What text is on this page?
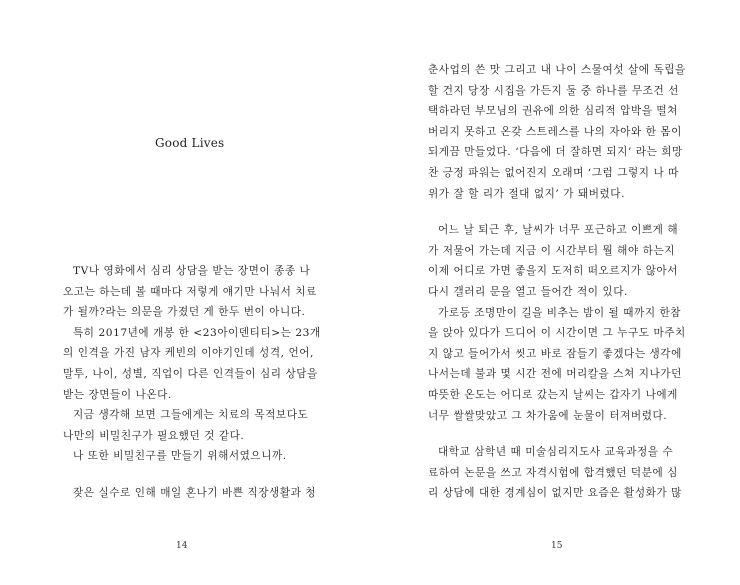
Good Lives
TV나 영화에서 심리 상담을 받는 장면이 종종 나
오고는 하는데 볼 때마다 저렇게 얘기만 나눠서 치료
가 될까?라는 의문을 가졌던 게 한두 번이 아니다.
특히 2017년에 개봉 한 <23아이덴티티>는 23개
의 인격을 가진 남자 케빈의 이야기인데 성격, 언어,
말투, 나이, 성별, 직업이 다른 인격들이 심리 상담을
받는 장면들이 나온다.
지금 생각해 보면 그들에게는 치료의 목적보다도
나만의 비밀친구가 필요했던 것 같다.
나 또한 비밀친구를 만들기 위해서였으니까.
잦은 실수로 인해 매일 혼나기 바쁜 직장생활과 청
14	15
춘사업의 쓴 맛 그리고 내 나이 스물여섯 살에 독립을
할 건지 당장 시집을 가든지 둘 중 하나를 무조건 선
택하라던 부모님의 권유에 의한 심리적 압박을 떨쳐
버리지 못하고 온갖 스트레스를 나의 자아와 한 몸이
되게끔 만들었다. ‘다음에 더 잘하면 되지’ 라는 희망
찬 긍정 파워는 없어진지 오래며 ‘그럼 그렇지 나 따
위가 잘 할 리가 절대 없지’ 가 돼버렸다.
어느 날 퇴근 후, 날씨가 너무 포근하고 이쁘게 해
가 저물어 가는데 지금 이 시간부터 뭘 해야 하는지
이제 어디로 가면 좋을지 도저히 떠오르지가 않아서
다시 갤러리 문을 열고 들어간 적이 있다.
가로등 조명만이 길을 비추는 밤이 될 때까지 한참
을 앉아 있다가 드디어 이 시간이면 그 누구도 마주치
지 않고 들어가서 씻고 바로 잠들기 좋겠다는 생각에
나서는데 불과 몇 시간 전에 머리칼을 스쳐 지나가던
따뜻한 온도는 어디로 갔는지 날씨는 갑자기 나에게
너무 쌀쌀맞았고 그 차가움에 눈물이 터져버렸다.
대학교 삼학년 때 미술심리지도사 교육과정을 수
료하여 논문을 쓰고 자격시험에 합격했던 덕분에 심
리 상담에 대한 경계심이 없지만 요즘은 활성화가 많
